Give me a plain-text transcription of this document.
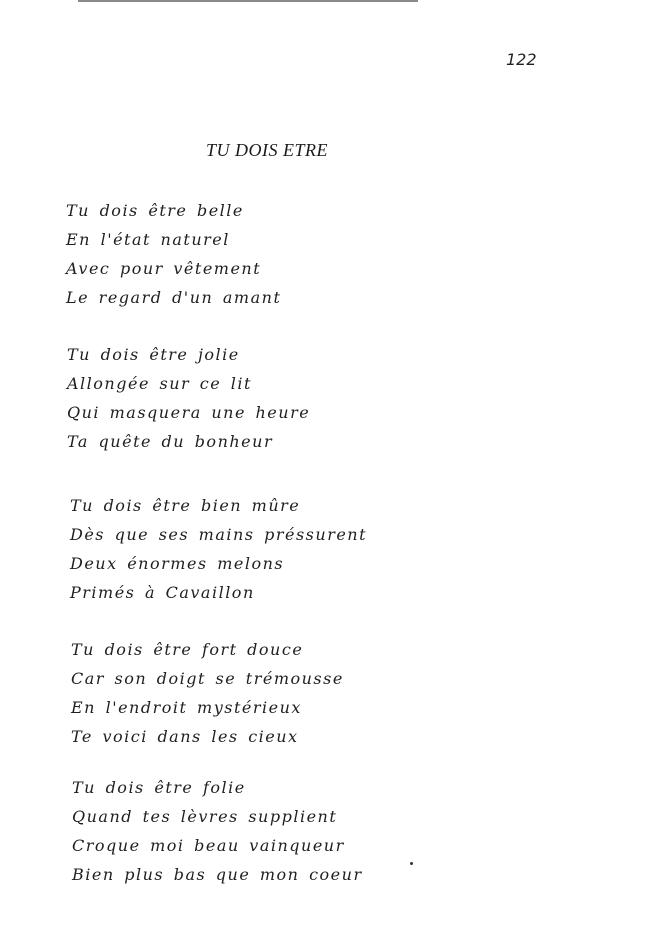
122
TU DOIS ETRE
Tu dois être belle
En l'état naturel
Avec pour vêtement
Le regard d'un amant
Tu dois être jolie
Allongée sur ce lit
Qui masquera une heure
Ta quête du bonheur
Tu dois être bien mûre
Dès que ses mains préssurent
Deux énormes melons
Primés à Cavaillon
Tu dois être fort douce
Car son doigt se trémousse
En l'endroit mystérieux
Te voici dans les cieux
Tu dois être folie
Quand tes lèvres supplient
Croque moi beau vainqueur
Bien plus bas que mon coeur
